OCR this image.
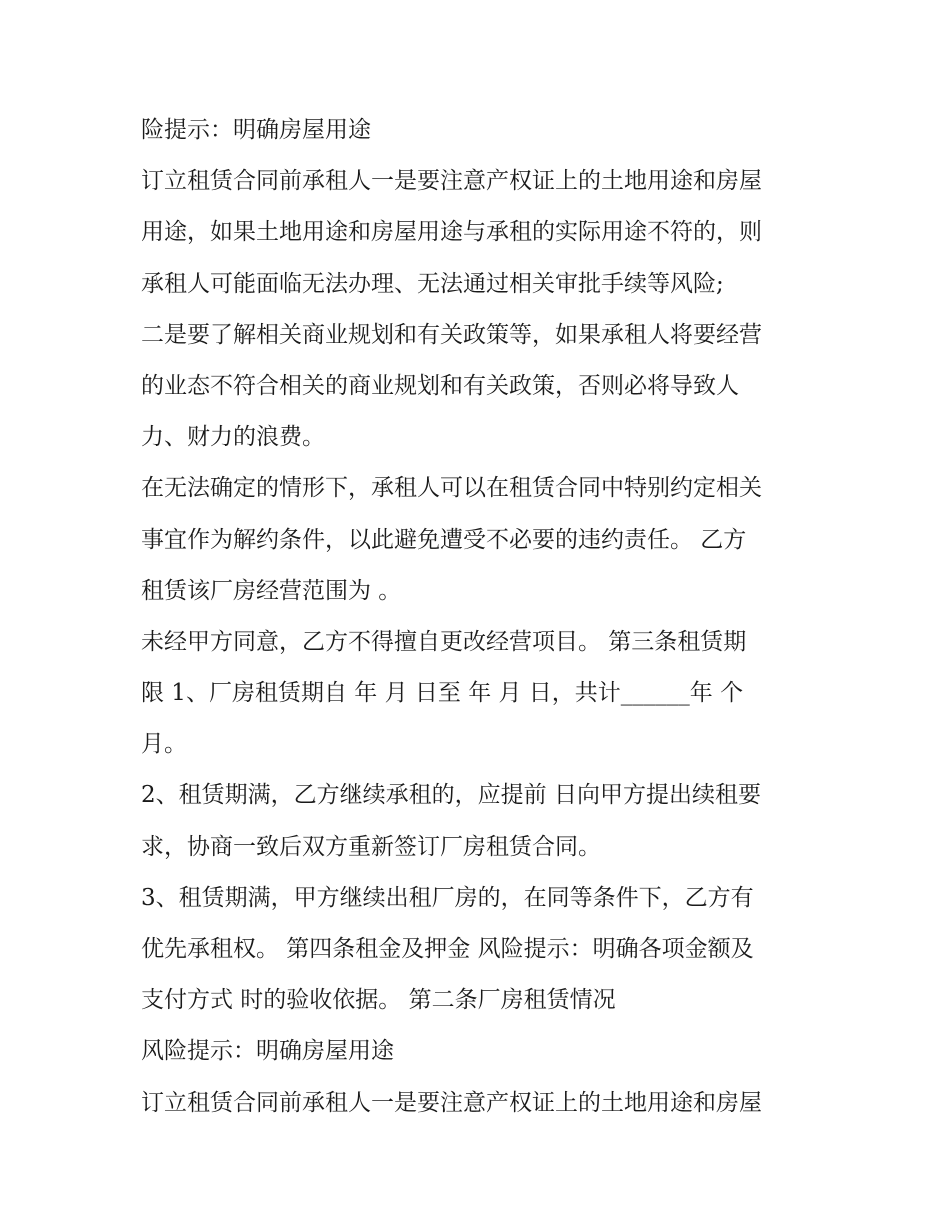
险提示：明确房屋用途
订立租赁合同前承租人一是要注意产权证上的土地用途和房屋
用途，如果土地用途和房屋用途与承租的实际用途不符的，则
承租人可能面临无法办理、无法通过相关审批手续等风险;
二是要了解相关商业规划和有关政策等，如果承租人将要经营
的业态不符合相关的商业规划和有关政策，否则必将导致人
力、财力的浪费。
在无法确定的情形下，承租人可以在租赁合同中特别约定相关
事宜作为解约条件，以此避免遭受不必要的违约责任。 乙方
租赁该厂房经营范围为 。
未经甲方同意，乙方不得擅自更改经营项目。 第三条租赁期
限 1、厂房租赁期自 年 月 日至 年 月 日，共计______年 个
月。
2、租赁期满，乙方继续承租的，应提前 日向甲方提出续租要
求，协商一致后双方重新签订厂房租赁合同。
3、租赁期满，甲方继续出租厂房的，在同等条件下，乙方有
优先承租权。 第四条租金及押金 风险提示：明确各项金额及
支付方式 时的验收依据。 第二条厂房租赁情况
风险提示：明确房屋用途
订立租赁合同前承租人一是要注意产权证上的土地用途和房屋
